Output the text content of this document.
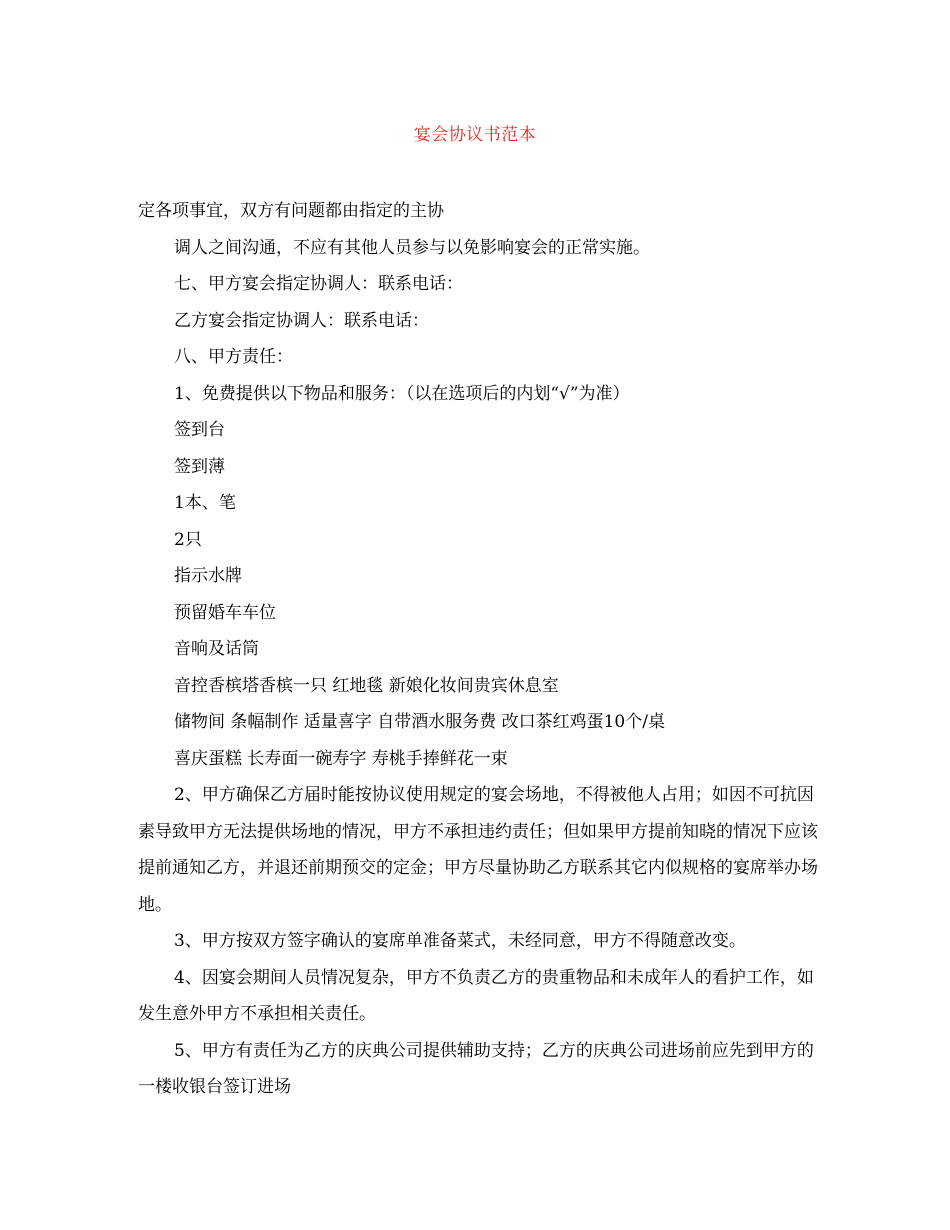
宴会协议书范本

定各项事宜，双方有问题都由指定的主协

调人之间沟通，不应有其他人员参与以免影响宴会的正常实施。

七、甲方宴会指定协调人：联系电话：

乙方宴会指定协调人：联系电话：

八、甲方责任：

1、免费提供以下物品和服务：（以在选项后的内划“√”为准）

签到台

签到薄

1本、笔

2只

指示水牌

预留婚车车位

音响及话筒

音控香槟塔香槟一只 红地毯 新娘化妆间贵宾休息室

储物间 条幅制作 适量喜字 自带酒水服务费 改口茶红鸡蛋10个/桌

喜庆蛋糕 长寿面一碗寿字 寿桃手捧鲜花一束

2、甲方确保乙方届时能按协议使用规定的宴会场地，不得被他人占用；如因不可抗因素导致甲方无法提供场地的情况，甲方不承担违约责任；但如果甲方提前知晓的情况下应该提前通知乙方，并退还前期预交的定金；甲方尽量协助乙方联系其它内似规格的宴席举办场地。

3、甲方按双方签字确认的宴席单准备菜式，未经同意，甲方不得随意改变。

4、因宴会期间人员情况复杂，甲方不负责乙方的贵重物品和未成年人的看护工作，如发生意外甲方不承担相关责任。

5、甲方有责任为乙方的庆典公司提供辅助支持；乙方的庆典公司进场前应先到甲方的一楼收银台签订进场
